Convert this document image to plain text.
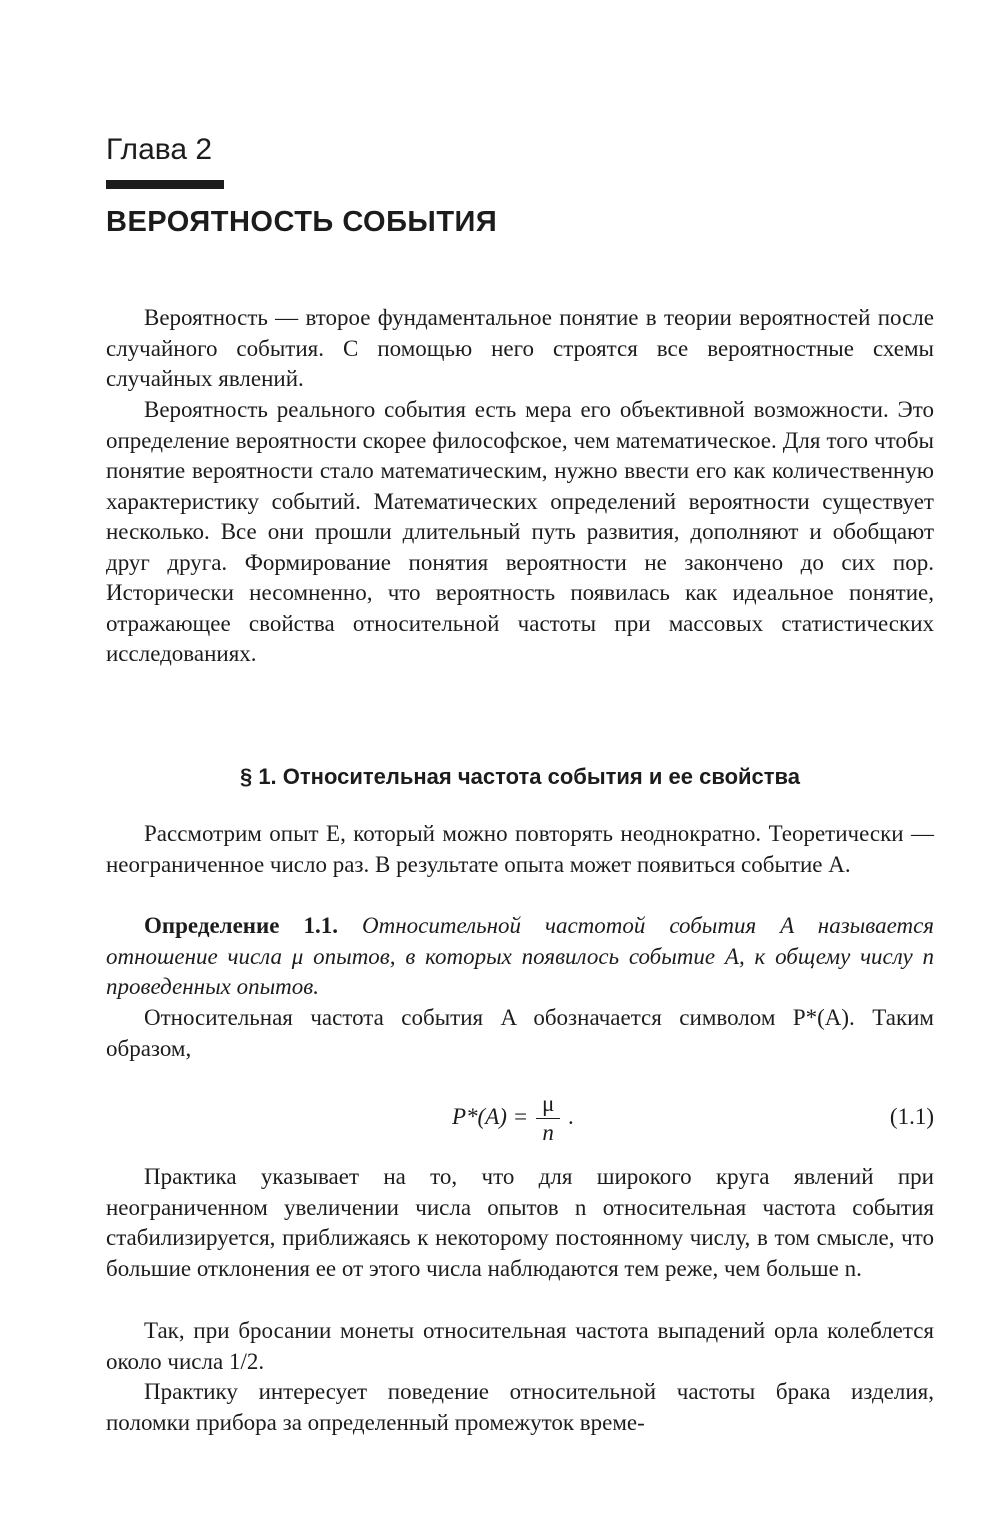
Глава 2
ВЕРОЯТНОСТЬ СОБЫТИЯ

Вероятность — второе фундаментальное понятие в теории вероятностей после случайного события. С помощью него строятся все вероятностные схемы случайных явлений.

Вероятность реального события есть мера его объективной возможности. Это определение вероятности скорее философское, чем математическое. Для того чтобы понятие вероятности стало математическим, нужно ввести его как количественную характеристику событий. Математических определений вероятности существует несколько. Все они прошли длительный путь развития, дополняют и обобщают друг друга. Формирование понятия вероятности не закончено до сих пор. Исторически несомненно, что вероятность появилась как идеальное понятие, отражающее свойства относительной частоты при массовых статистических исследованиях.

§ 1. Относительная частота события и ее свойства

Рассмотрим опыт E, который можно повторять неоднократно. Теоретически — неограниченное число раз. В результате опыта может появиться событие A.

Определение 1.1. Относительной частотой события A называется отношение числа μ опытов, в которых появилось событие A, к общему числу n проведенных опытов.

Относительная частота события A обозначается символом P*(A). Таким образом,

$P*(A) = \frac{\mu}{n}$ .	(1.1)

Практика указывает на то, что для широкого круга явлений при неограниченном увеличении числа опытов n относительная частота события стабилизируется, приближаясь к некоторому постоянному числу, в том смысле, что большие отклонения ее от этого числа наблюдаются тем реже, чем больше n.

Так, при бросании монеты относительная частота выпадений орла колеблется около числа 1/2.

Практику интересует поведение относительной частоты брака изделия, поломки прибора за определенный промежуток време-
